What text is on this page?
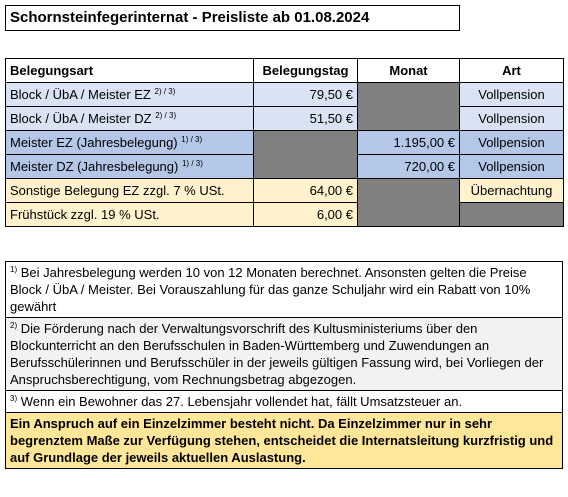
Schornsteinfegerinternat - Preisliste ab 01.08.2024
Belegungsart	Belegungstag	Monat	Art
Block / ÜbA / Meister EZ $^{2) / 3)}$	79,50 €		Vollpension
Block / ÜbA / Meister DZ $^{2) / 3)}$	51,50 €		Vollpension
Meister EZ (Jahresbelegung) $^{1) / 3)}$		1.195,00 €	Vollpension
Meister DZ (Jahresbelegung) $^{1) / 3)}$		720,00 €	Vollpension
Sonstige Belegung EZ zzgl. 7 % USt.	64,00 €		Übernachtung
Frühstück zzgl. 19 % USt.	6,00 €		
$^{1)}$ Bei Jahresbelegung werden 10 von 12 Monaten berechnet. Ansonsten gelten die Preise Block / ÜbA / Meister. Bei Vorauszahlung für das ganze Schuljahr wird ein Rabatt von 10% gewährt
$^{2)}$ Die Förderung nach der Verwaltungsvorschrift des Kultusministeriums über den Blockunterricht an den Berufsschulen in Baden-Württemberg und Zuwendungen an Berufsschülerinnen und Berufsschüler in der jeweils gültigen Fassung wird, bei Vorliegen der Anspruchsberechtigung, vom Rechnungsbetrag abgezogen.
$^{3)}$ Wenn ein Bewohner das 27. Lebensjahr vollendet hat, fällt Umsatzsteuer an.
Ein Anspruch auf ein Einzelzimmer besteht nicht. Da Einzelzimmer nur in sehr begrenztem Maße zur Verfügung stehen, entscheidet die Internatsleitung kurzfristig und auf Grundlage der jeweils aktuellen Auslastung.
